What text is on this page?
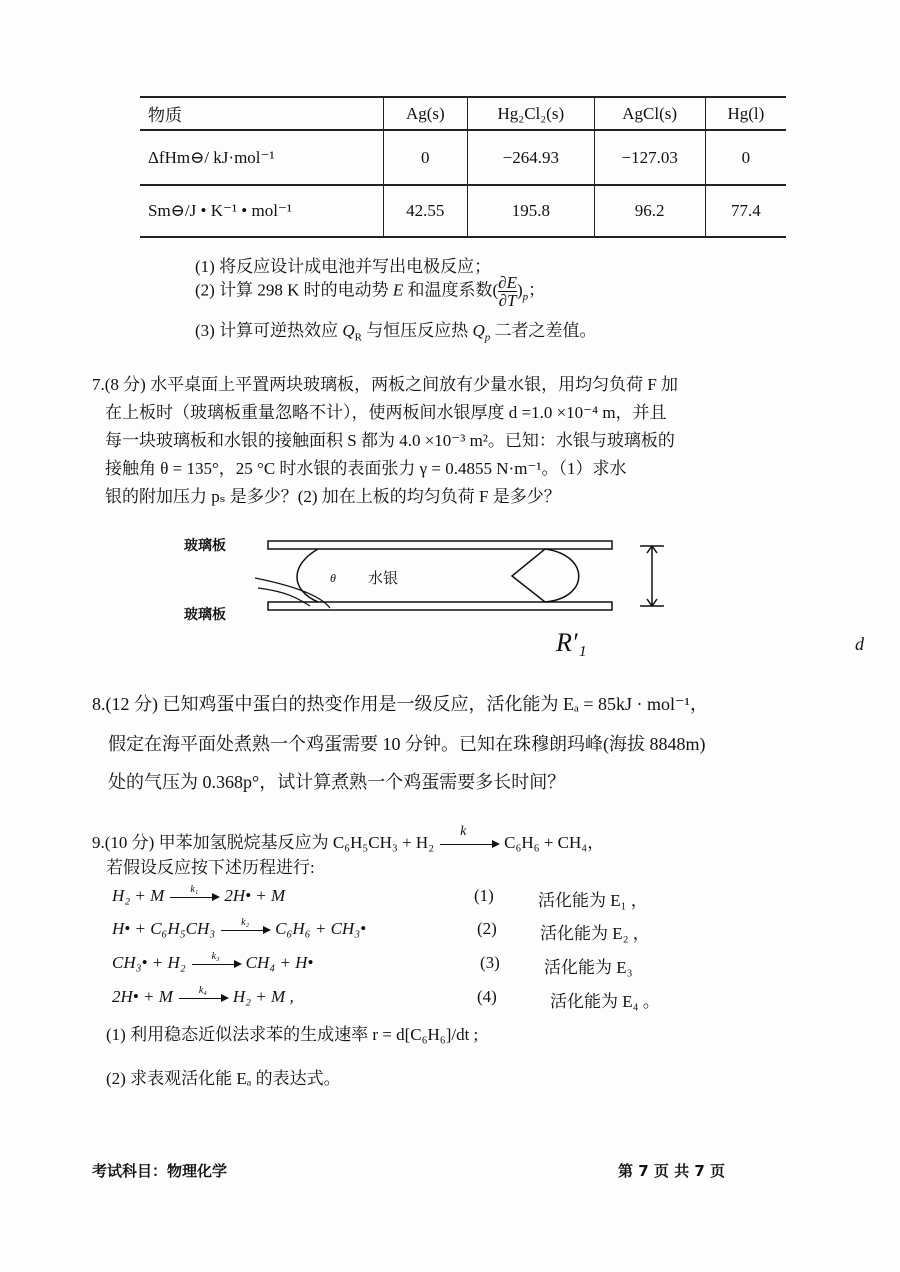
物质	Ag(s)	Hg₂Cl₂(s)	AgCl(s)	Hg(l)
ΔfHm⊖/ kJ·mol⁻¹	0	−264.93	−127.03	0
Sm⊖/J • K⁻¹ • mol⁻¹	42.55	195.8	96.2	77.4
(1) 将反应设计成电池并写出电极反应；
(2) 计算 298 K 时的电动势 E 和温度系数( $\frac{\partial E}{\partial T} )_p$；
(3) 计算可逆热效应 $Q_R$ 与恒压反应热 $Q_p$ 二者之差值。
7.(8 分) 水平桌面上平置两块玻璃板，两板之间放有少量水银，用均匀负荷 F 加
在上板时（玻璃板重量忽略不计），使两板间水银厚度 d =1.0 ×10⁻⁴ m，并且
每一块玻璃板和水银的接触面积 S 都为 4.0 ×10⁻³ m²。已知：水银与玻璃板的
接触角 θ = 135°，25 °C 时水银的表面张力 γ = 0.4855 N·m⁻¹。（1）求水
银的附加压力 pₛ 是多少？(2) 加在上板的均匀负荷 F 是多少？
玻璃板
玻璃板
水银
θ
R′₁	d
8.(12 分) 已知鸡蛋中蛋白的热变作用是一级反应，活化能为 Eₐ = 85kJ · mol⁻¹，
假定在海平面处煮熟一个鸡蛋需要 10 分钟。已知在珠穆朗玛峰(海拔 8848m)
处的气压为 0.368p°，试计算煮熟一个鸡蛋需要多长时间？
9.(10 分) 甲苯加氢脱烷基反应为 C₆H₅CH₃ + H₂
k
C₆H₆ + CH₄，
若假设反应按下述历程进行:
H₂ + M	k₁ 2H• + M	(1)	活化能为 E₁ ，
H• + C₆H₅CH₃	k₂ C₆H₆ + CH₃•	(2)	活化能为 E₂ ，
CH₃• + H₂	k₃ CH₄ + H•	(3)	活化能为 E₃
2H• + M	k₄ H₂ + M ,	(4)	活化能为 E₄ 。
(1) 利用稳态近似法求苯的生成速率 r = d[C₆H₆]/dt ;
(2) 求表观活化能 Eₐ 的表达式。
考试科目：物理化学	第 7 页 共 7 页
